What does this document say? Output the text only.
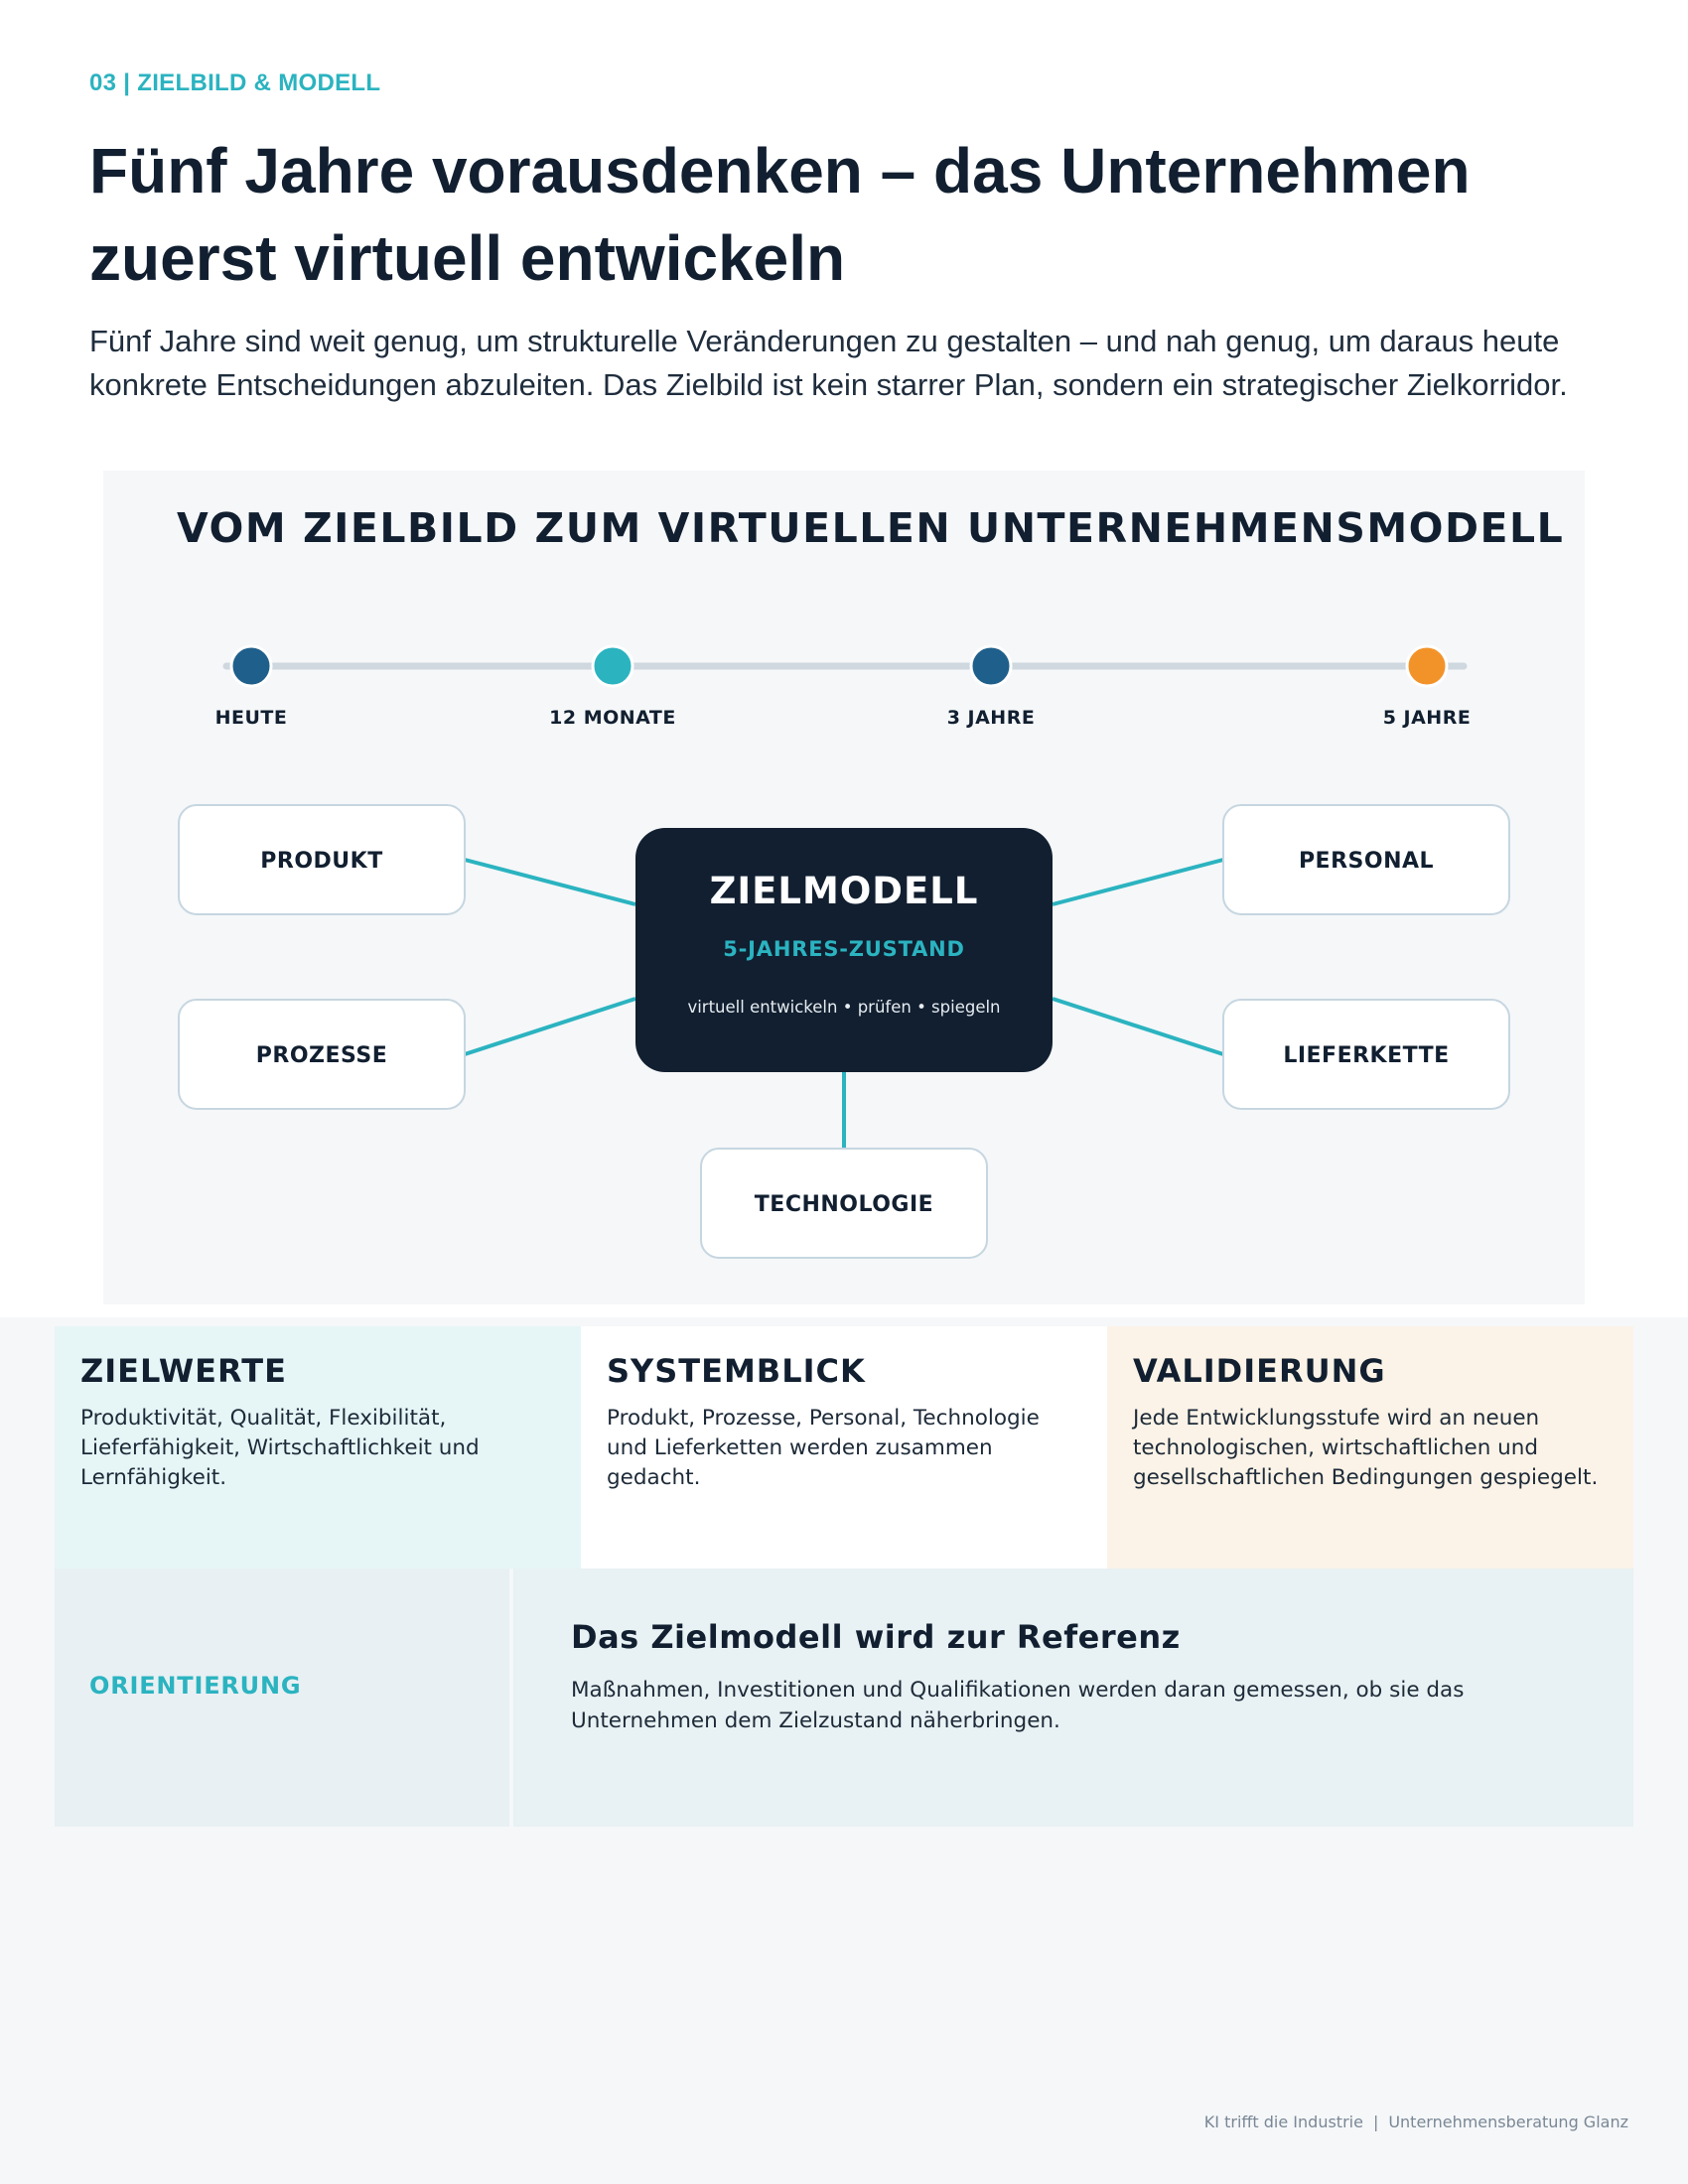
03 | ZIELBILD & MODELL
Fünf Jahre vorausdenken – das Unternehmen zuerst virtuell entwickeln

Fünf Jahre sind weit genug, um strukturelle Veränderungen zu gestalten – und nah genug, um daraus heute konkrete Entscheidungen abzuleiten. Das Zielbild ist kein starrer Plan, sondern ein strategischer Zielkorridor.

VOM ZIELBILD ZUM VIRTUELLEN UNTERNEHMENSMODELL
HEUTE	12 MONATE	3 JAHRE	5 JAHRE
ZIELMODELL
5-JAHRES-ZUSTAND
virtuell entwickeln • prüfen • spiegeln
PRODUKT
PROZESSE
PERSONAL
LIEFERKETTE
TECHNOLOGIE
ZIELWERTE

Produktivität, Qualität, Flexibilität, Lieferfähigkeit, Wirtschaftlichkeit und Lernfähigkeit.

SYSTEMBLICK

Produkt, Prozesse, Personal, Technologie und Lieferketten werden zusammen gedacht.

VALIDIERUNG

Jede Entwicklungsstufe wird an neuen technologischen, wirtschaftlichen und gesellschaftlichen Bedingungen gespiegelt.

ORIENTIERUNG
Das Zielmodell wird zur Referenz

Maßnahmen, Investitionen und Qualifikationen werden daran gemessen, ob sie das Unternehmen dem Zielzustand näherbringen.

KI trifft die Industrie | Unternehmensberatung Glanz
